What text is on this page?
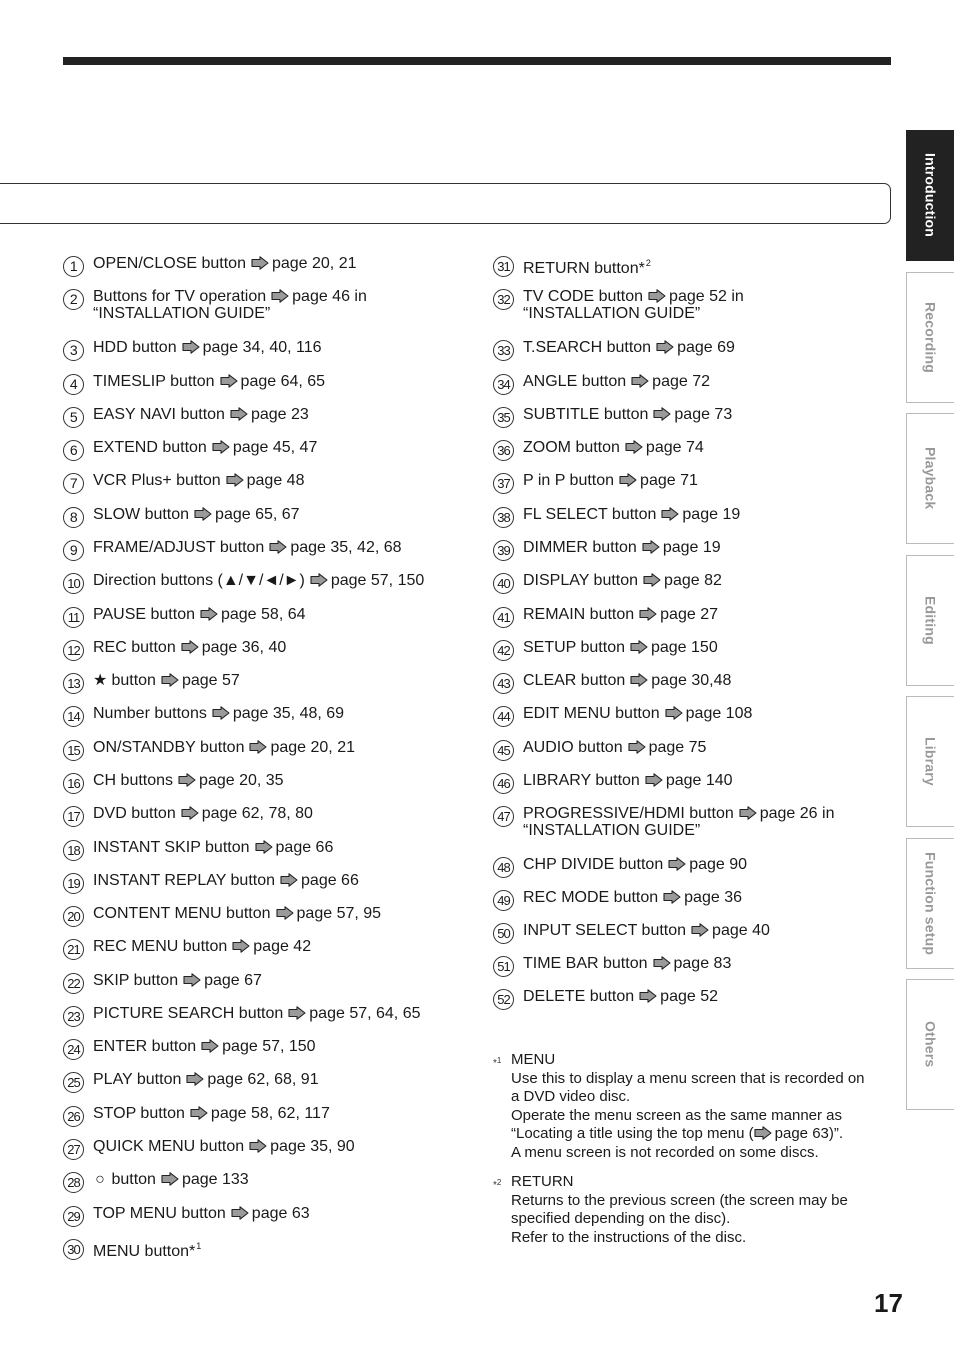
Introduction
Recording
Playback
Editing
Library
Function setup
Others
1 OPEN/CLOSE button page 20, 21
2 Buttons for TV operation page 46 in
“INSTALLATION GUIDE”
3 HDD button page 34, 40, 116
4 TIMESLIP button page 64, 65
5 EASY NAVI button page 23
6 EXTEND button page 45, 47
7 VCR Plus+ button page 48
8 SLOW button page 65, 67
9 FRAME/ADJUST button page 35, 42, 68
10 Direction buttons (▲/▼/◄/►) page 57, 150
11 PAUSE button page 58, 64
12 REC button page 36, 40
13 ★ button page 57
14 Number buttons page 35, 48, 69
15 ON/STANDBY button page 20, 21
16 CH buttons page 20, 35
17 DVD button page 62, 78, 80
18 INSTANT SKIP button page 66
19 INSTANT REPLAY button page 66
20 CONTENT MENU button page 57, 95
21 REC MENU button page 42
22 SKIP button page 67
23 PICTURE SEARCH button page 57, 64, 65
24 ENTER button page 57, 150
25 PLAY button page 62, 68, 91
26 STOP button page 58, 62, 117
27 QUICK MENU button page 35, 90
28 ○ button page 133
29 TOP MENU button page 63
30 MENU button*$^1$
31 RETURN button*$^2$
32 TV CODE button page 52 in
“INSTALLATION GUIDE”
33 T.SEARCH button page 69
34 ANGLE button page 72
35 SUBTITLE button page 73
36 ZOOM button page 74
37 P in P button page 71
38 FL SELECT button page 19
39 DIMMER button page 19
40 DISPLAY button page 82
41 REMAIN button page 27
42 SETUP button page 150
43 CLEAR button page 30,48
44 EDIT MENU button page 108
45 AUDIO button page 75
46 LIBRARY button page 140
47 PROGRESSIVE/HDMI button page 26 in
“INSTALLATION GUIDE”
48 CHP DIVIDE button page 90
49 REC MODE button page 36
50 INPUT SELECT button page 40
51 TIME BAR button page 83
52 DELETE button page 52
*$^1$ MENU

Use this to display a menu screen that is recorded on

a DVD video disc.

Operate the menu screen as the same manner as

“Locating a title using the top menu ( page 63)”.

A menu screen is not recorded on some discs.

*$^2$ RETURN

Returns to the previous screen (the screen may be

specified depending on the disc).

Refer to the instructions of the disc.

17
